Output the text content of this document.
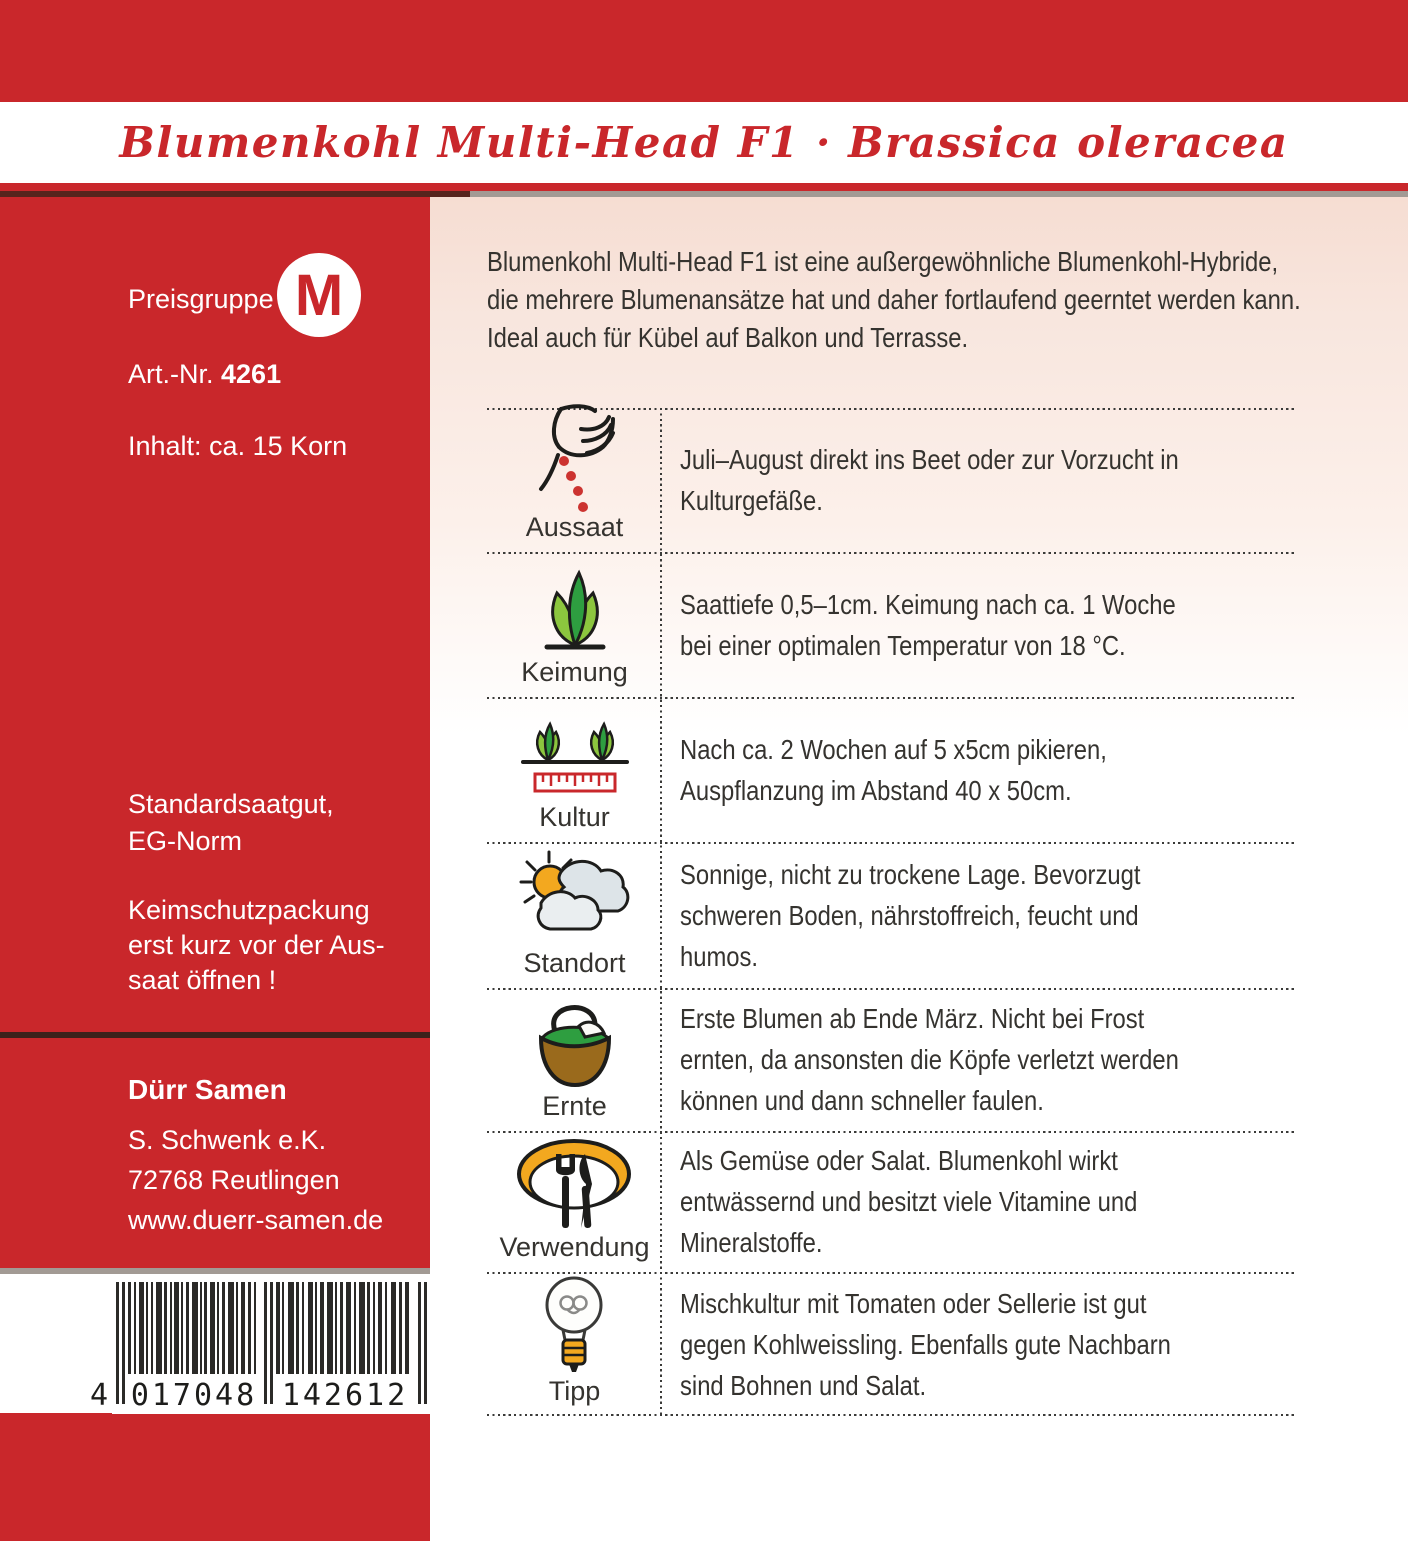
Blumenkohl Multi-Head F1 · Brassica oleracea
Preisgruppe M
Art.-Nr. 4261
Inhalt: ca. 15 Korn
Standardsaatgut,
EG-Norm
Keimschutzpackung
erst kurz vor der Aus-
saat öffnen !
Dürr Samen
S. Schwenk e.K.
72768 Reutlingen
www.duerr-samen.de
4 017048 142612
Blumenkohl Multi-Head F1 ist eine außergewöhnliche Blumenkohl-Hybride, die mehrere Blumenansätze hat und daher fortlaufend geerntet werden kann. Ideal auch für Kübel auf Balkon und Terrasse.
Aussaat
Juli–August direkt ins Beet oder zur Vorzucht in Kulturgefäße.
Keimung
Saattiefe 0,5–1cm. Keimung nach ca. 1 Woche bei einer optimalen Temperatur von 18 °C.
Kultur
Nach ca. 2 Wochen auf 5 x5cm pikieren, Auspflanzung im Abstand 40 x 50cm.
Standort
Sonnige, nicht zu trockene Lage. Bevorzugt schweren Boden, nährstoffreich, feucht und humos.
Ernte
Erste Blumen ab Ende März. Nicht bei Frost ernten, da ansonsten die Köpfe verletzt werden können und dann schneller faulen.
Verwendung
Als Gemüse oder Salat. Blumenkohl wirkt entwässernd und besitzt viele Vitamine und Mineralstoffe.
Tipp
Mischkultur mit Tomaten oder Sellerie ist gut gegen Kohlweissling. Ebenfalls gute Nachbarn sind Bohnen und Salat.
